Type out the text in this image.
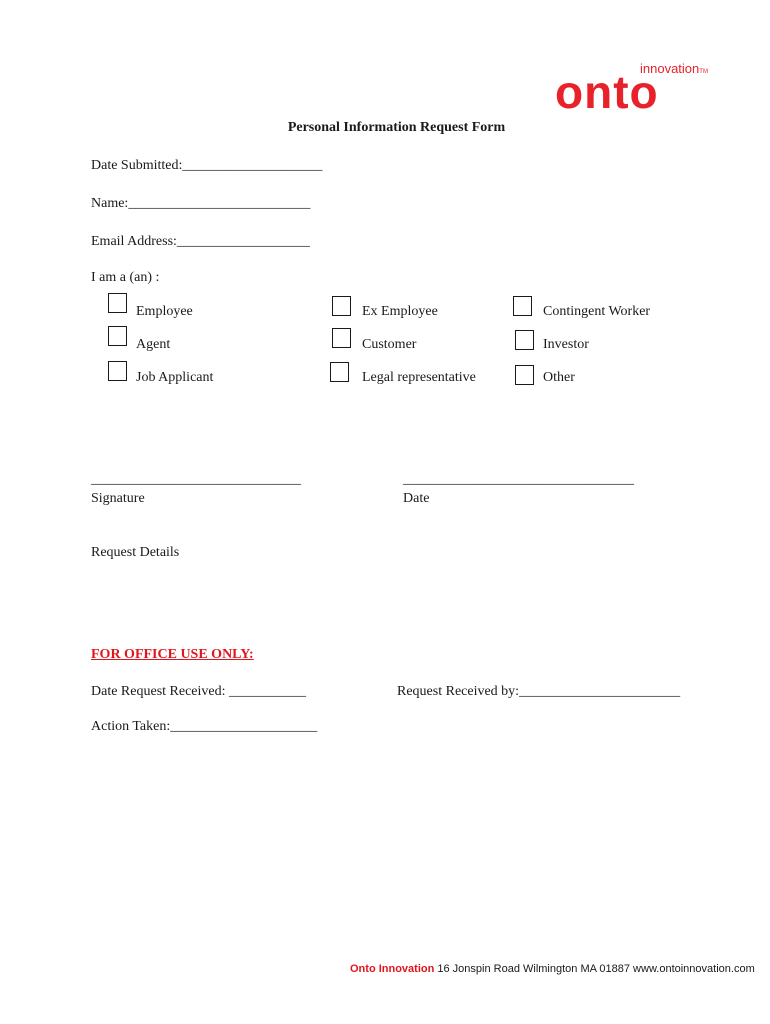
onto
innovationTM
Personal Information Request Form
Date Submitted:____________________
Name:__________________________
Email Address:___________________
I am a (an) :
Employee	Ex Employee	Contingent Worker
Agent	Customer	Investor
Job Applicant	Legal representative	Other
______________________________
Signature
_________________________________
Date
Request Details
FOR OFFICE USE ONLY:
Date Request Received: ___________	Request Received by:_______________________
Action Taken:_____________________
Onto Innovation 16 Jonspin Road Wilmington MA 01887 www.ontoinnovation.com
